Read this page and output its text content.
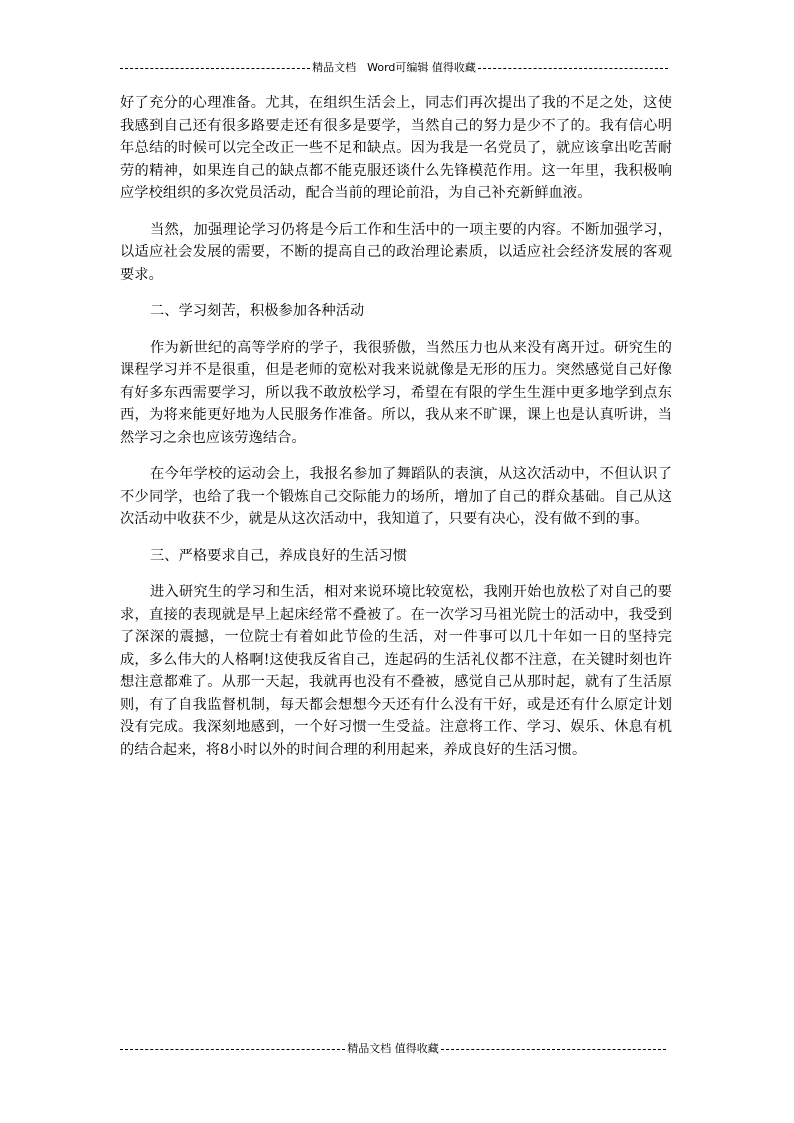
精品文档　Word可编辑 值得收藏

好了充分的心理准备。尤其，在组织生活会上，同志们再次提出了我的不足之处，这使我感到自己还有很多路要走还有很多是要学，当然自己的努力是少不了的。我有信心明年总结的时候可以完全改正一些不足和缺点。因为我是一名党员了，就应该拿出吃苦耐劳的精神，如果连自己的缺点都不能克服还谈什么先锋模范作用。这一年里，我积极响应学校组织的多次党员活动，配合当前的理论前沿，为自己补充新鲜血液。

当然，加强理论学习仍将是今后工作和生活中的一项主要的内容。不断加强学习，以适应社会发展的需要，不断的提高自己的政治理论素质，以适应社会经济发展的客观要求。

二、学习刻苦，积极参加各种活动

作为新世纪的高等学府的学子，我很骄傲，当然压力也从来没有离开过。研究生的课程学习并不是很重，但是老师的宽松对我来说就像是无形的压力。突然感觉自己好像有好多东西需要学习，所以我不敢放松学习，希望在有限的学生生涯中更多地学到点东西，为将来能更好地为人民服务作准备。所以，我从来不旷课，课上也是认真听讲，当然学习之余也应该劳逸结合。

在今年学校的运动会上，我报名参加了舞蹈队的表演，从这次活动中，不但认识了不少同学，也给了我一个锻炼自己交际能力的场所，增加了自己的群众基础。自己从这次活动中收获不少，就是从这次活动中，我知道了，只要有决心，没有做不到的事。

三、严格要求自己，养成良好的生活习惯

进入研究生的学习和生活，相对来说环境比较宽松，我刚开始也放松了对自己的要求，直接的表现就是早上起床经常不叠被了。在一次学习马祖光院士的活动中，我受到了深深的震撼，一位院士有着如此节俭的生活，对一件事可以几十年如一日的坚持完成，多么伟大的人格啊!这使我反省自己，连起码的生活礼仪都不注意，在关键时刻也许想注意都难了。从那一天起，我就再也没有不叠被，感觉自己从那时起，就有了生活原则，有了自我监督机制，每天都会想想今天还有什么没有干好，或是还有什么原定计划没有完成。我深刻地感到，一个好习惯一生受益。注意将工作、学习、娱乐、休息有机的结合起来，将8小时以外的时间合理的利用起来，养成良好的生活习惯。

精品文档 值得收藏
